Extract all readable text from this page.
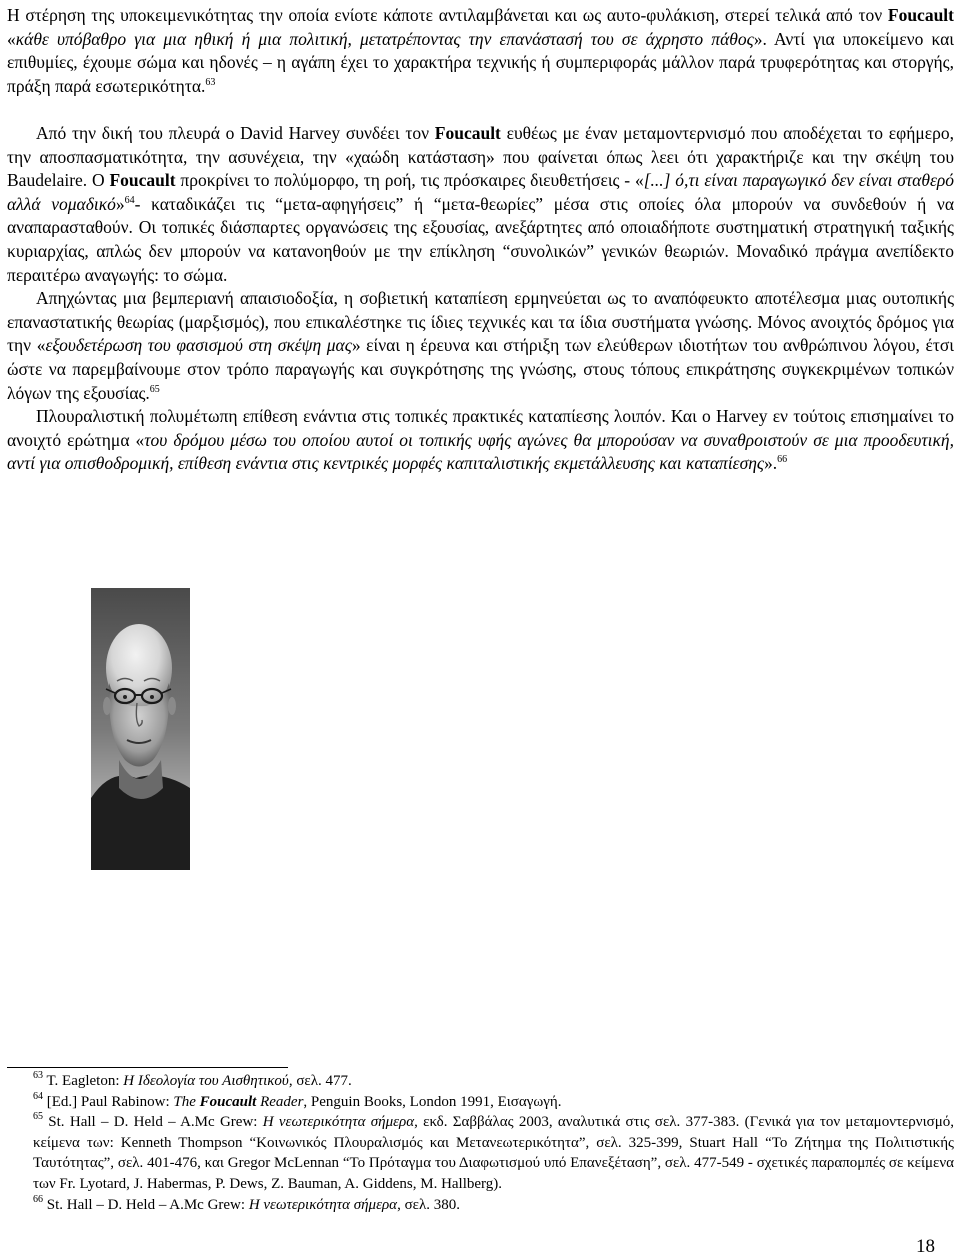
Η στέρηση της υποκειμενικότητας την οποία ενίοτε κάποτε αντιλαμβάνεται και ως αυτο-φυλάκιση, στερεί τελικά από τον Foucault «κάθε υπόβαθρο για μια ηθική ή μια πολιτική, μετατρέποντας την επανάστασή του σε άχρηστο πάθος». Αντί για υποκείμενο και επιθυμίες, έχουμε σώμα και ηδονές – η αγάπη έχει το χαρακτήρα τεχνικής ή συμπεριφοράς μάλλον παρά τρυφερότητας και στοργής, πράξη παρά εσωτερικότητα.$^{63}$

Από την δική του πλευρά ο David Harvey συνδέει τον Foucault ευθέως με έναν μεταμοντερνισμό που αποδέχεται το εφήμερο, την αποσπασματικότητα, την ασυνέχεια, την «χαώδη κατάσταση» που φαίνεται όπως λεει ότι χαρακτήριζε και την σκέψη του Baudelaire. Ο Foucault προκρίνει το πολύμορφο, τη ροή, τις πρόσκαιρες διευθετήσεις - «[...] ό,τι είναι παραγωγικό δεν είναι σταθερό αλλά νομαδικό»$^{64}$- καταδικάζει τις “μετα-αφηγήσεις” ή “μετα-θεωρίες” μέσα στις οποίες όλα μπορούν να συνδεθούν ή να αναπαρασταθούν. Οι τοπικές διάσπαρτες οργανώσεις της εξουσίας, ανεξάρτητες από οποιαδήποτε συστηματική στρατηγική ταξικής κυριαρχίας, απλώς δεν μπορούν να κατανοηθούν με την επίκληση “συνολικών” γενικών θεωριών. Μοναδικό πράγμα ανεπίδεκτο περαιτέρω αναγωγής: το σώμα.

Απηχώντας μια βεμπεριανή απαισιοδοξία, η σοβιετική καταπίεση ερμηνεύεται ως το αναπόφευκτο αποτέλεσμα μιας ουτοπικής επαναστατικής θεωρίας (μαρξισμός), που επικαλέστηκε τις ίδιες τεχνικές και τα ίδια συστήματα γνώσης. Μόνος ανοιχτός δρόμος για την «εξουδετέρωση του φασισμού στη σκέψη μας» είναι η έρευνα και στήριξη των ελεύθερων ιδιοτήτων του ανθρώπινου λόγου, έτσι ώστε να παρεμβαίνουμε στον τρόπο παραγωγής και συγκρότησης της γνώσης, στους τόπους επικράτησης συγκεκριμένων τοπικών λόγων της εξουσίας.$^{65}$

Πλουραλιστική πολυμέτωπη επίθεση ενάντια στις τοπικές πρακτικές καταπίεσης λοιπόν. Και ο Harvey εν τούτοις επισημαίνει το ανοιχτό ερώτημα «του δρόμου μέσω του οποίου αυτοί οι τοπικής υφής αγώνες θα μπορούσαν να συναθροιστούν σε μια προοδευτική, αντί για οπισθοδρομική, επίθεση ενάντια στις κεντρικές μορφές καπιταλιστικής εκμετάλλευσης και καταπίεσης».$^{66}$

$^{63}$ T. Eagleton: Η Ιδεολογία του Αισθητικού, σελ. 477.

$^{64}$ [Ed.] Paul Rabinow: The Foucault Reader, Penguin Books, London 1991, Εισαγωγή.

$^{65}$ St. Hall – D. Held – A.Mc Grew: Η νεωτερικότητα σήμερα, εκδ. Σαββάλας 2003, αναλυτικά στις σελ. 377-383. (Γενικά για τον μεταμοντερνισμό, κείμενα των: Kenneth Thompson “Κοινωνικός Πλουραλισμός και Μετανεωτερικότητα”, σελ. 325-399, Stuart Hall “Το Ζήτημα της Πολιτιστικής Ταυτότητας”, σελ. 401-476, και Gregor McLennan “Το Πρόταγμα του Διαφωτισμού υπό Επανεξέταση”, σελ. 477-549 - σχετικές παραπομπές σε κείμενα των Fr. Lyotard, J. Habermas, P. Dews, Z. Bauman, A. Giddens, M. Hallberg).

$^{66}$ St. Hall – D. Held – A.Mc Grew: Η νεωτερικότητα σήμερα, σελ. 380.

18
